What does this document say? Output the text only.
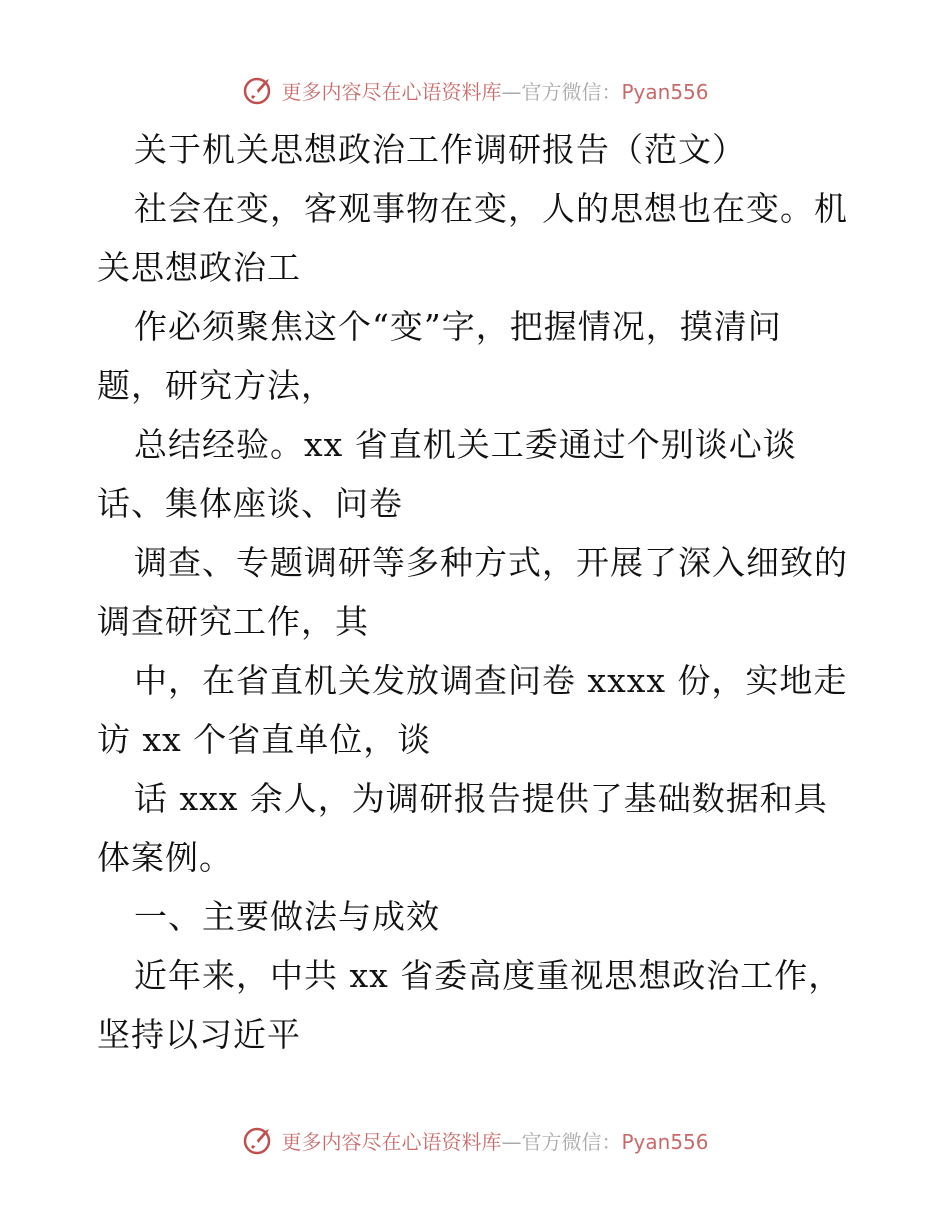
更多内容尽在心语资料库—官方微信：Pyan556
关于机关思想政治工作调研报告（范文）
社会在变，客观事物在变，人的思想也在变。机
关思想政治工
作必须聚焦这个“变”字，把握情况，摸清问
题，研究方法，
总结经验。xx 省直机关工委通过个别谈心谈
话、集体座谈、问卷
调查、专题调研等多种方式，开展了深入细致的
调查研究工作，其
中，在省直机关发放调查问卷 xxxx 份，实地走
访 xx 个省直单位，谈
话 xxx 余人，为调研报告提供了基础数据和具
体案例。
一、主要做法与成效
近年来，中共 xx 省委高度重视思想政治工作，
坚持以习近平
更多内容尽在心语资料库—官方微信：Pyan556
